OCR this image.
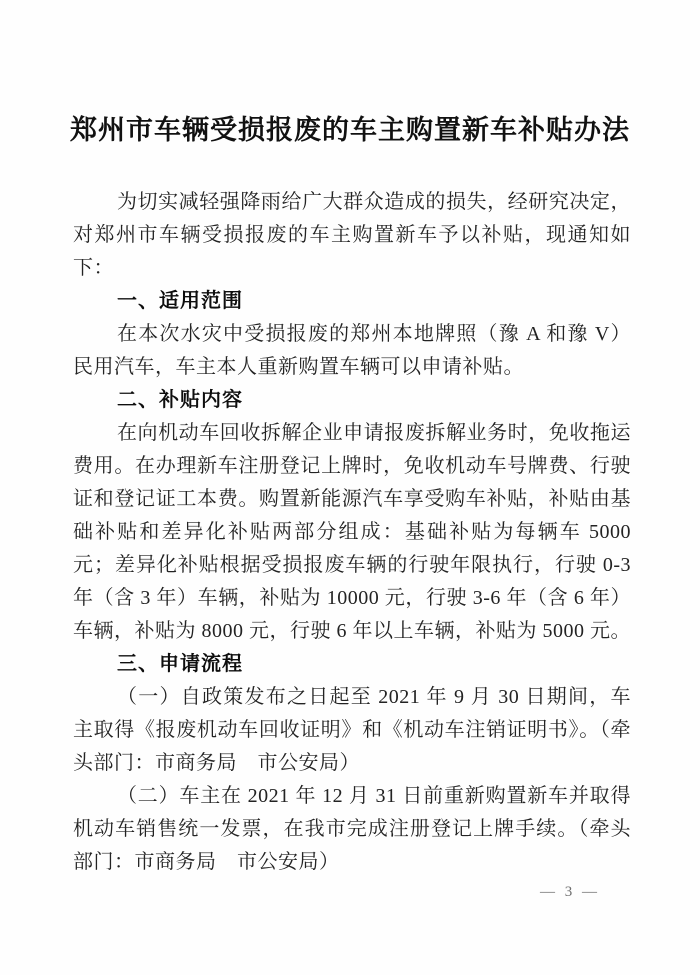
郑州市车辆受损报废的车主购置新车补贴办法

为切实减轻强降雨给广大群众造成的损失，经研究决定，对郑州市车辆受损报废的车主购置新车予以补贴，现通知如下：

一、适用范围

在本次水灾中受损报废的郑州本地牌照（豫 A 和豫 V）民用汽车，车主本人重新购置车辆可以申请补贴。

二、补贴内容

在向机动车回收拆解企业申请报废拆解业务时，免收拖运费用。在办理新车注册登记上牌时，免收机动车号牌费、行驶证和登记证工本费。购置新能源汽车享受购车补贴，补贴由基础补贴和差异化补贴两部分组成：基础补贴为每辆车 5000 元；差异化补贴根据受损报废车辆的行驶年限执行，行驶 0-3 年（含 3 年）车辆，补贴为 10000 元，行驶 3-6 年（含 6 年）车辆，补贴为 8000 元，行驶 6 年以上车辆，补贴为 5000 元。

三、申请流程

（一）自政策发布之日起至 2021 年 9 月 30 日期间，车主取得《报废机动车回收证明》和《机动车注销证明书》。（牵头部门：市商务局　市公安局）

（二）车主在 2021 年 12 月 31 日前重新购置新车并取得机动车销售统一发票，在我市完成注册登记上牌手续。（牵头部门：市商务局　市公安局）

— 3 —
